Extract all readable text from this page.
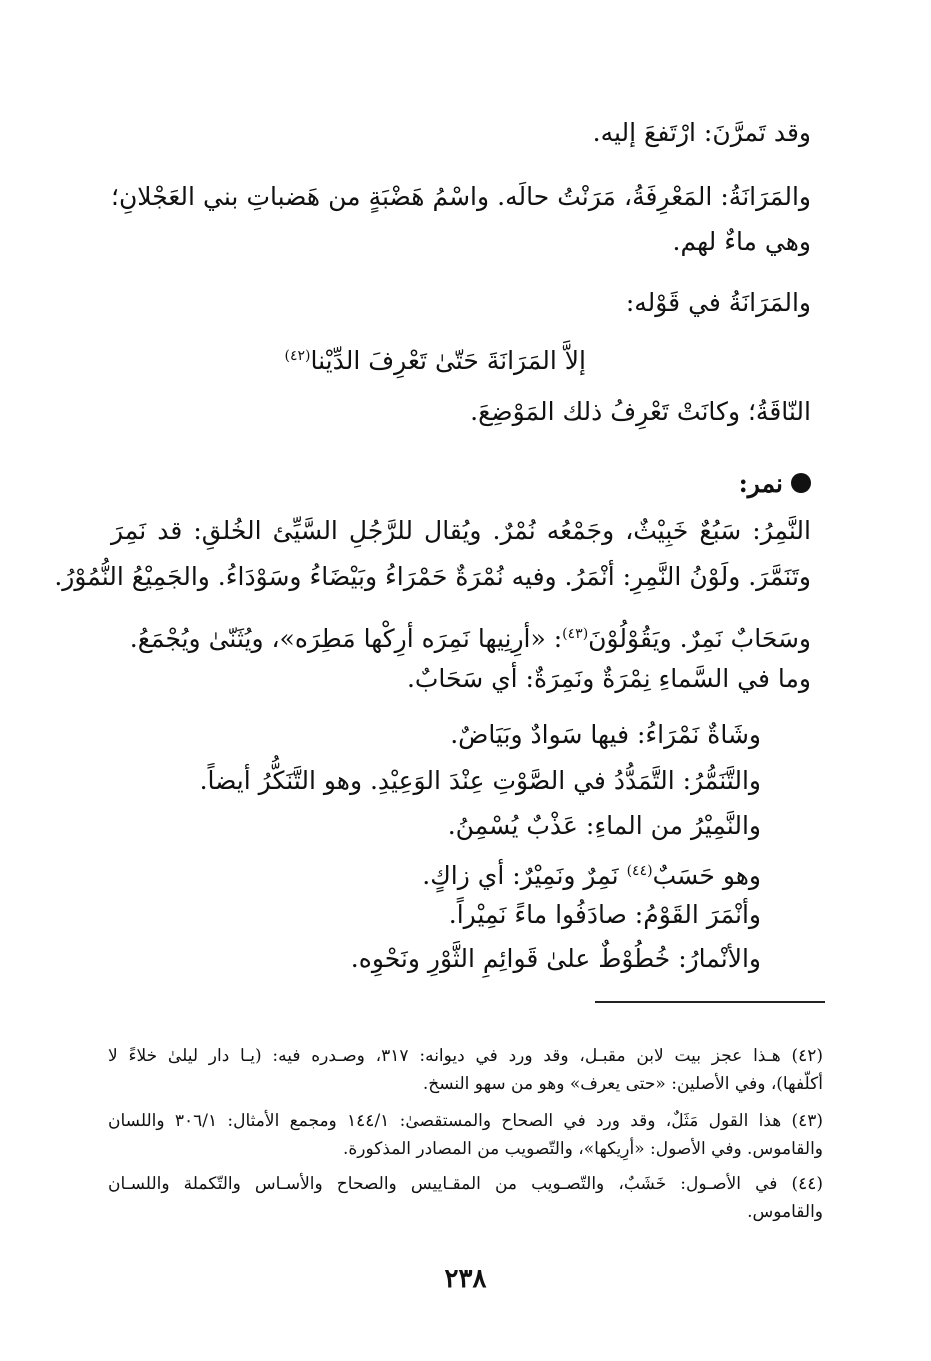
وقد تَمرَّنَ: ارْتَفعَ إليه.
والمَرَانَةُ: المَعْرِفَةُ، مَرَنْتُ حالَه. واسْمُ هَضْبَةٍ من هَضباتِ بني العَجْلانِ؛
وهي ماءٌ لهم.
والمَرَانَةُ في قَوْله:
إلاَّ المَرَانَةَ حَتّىٰ تَعْرِفَ الدِّيْنا$^{(٤٢)}$
النّاقَةُ؛ وكانَتْ تَعْرِفُ ذلك المَوْضِعَ.
نمر:
النَّمِرُ: سَبُعٌ خَبِيْثٌ، وجَمْعُه نُمْرٌ. ويُقال للرَّجُلِ السَّيِّئ الخُلقِ: قد نَمِرَ
وتَنَمَّرَ. ولَوْنُ النَّمِرِ: أنْمَرُ. وفيه نُمْرَةٌ حَمْرَاءُ وبَيْضَاءُ وسَوْدَاءُ. والجَمِيْعُ النُّمُوْرُ.
وسَحَابٌ نَمِرٌ. ويَقُوْلُوْنَ$^{(٤٣)}$: «أرِنِيها نَمِرَه أرِكْها مَطِرَه»، ويُثَنّىٰ ويُجْمَعُ.
وما في السَّماءِ نِمْرَةٌ ونَمِرَةٌ: أي سَحَابٌ.
وشَاةٌ نَمْرَاءُ: فيها سَوادٌ وبَيَاضٌ.
والتَّنَمُّرُ: التَّمَدُّدُ في الصَّوْتِ عِنْدَ الوَعِيْدِ. وهو التَّنَكُّرُ أيضاً.
والنَّمِيْرُ من الماءِ: عَذْبٌ يُسْمِنُ.
وهو حَسَبٌ$^{(٤٤)}$ نَمِرٌ ونَمِيْرٌ: أي زاكٍ.
وأنْمَرَ القَوْمُ: صادَفُوا ماءً نَمِيْراً.
والأنْمارُ: خُطُوْطٌ علىٰ قَوائِمِ الثَّوْرِ ونَحْوِه.
(٤٢) هـذا عجز بيت لابن مقبـل، وقد ورد في ديوانه: ٣١٧، وصـدره فيه: (يـا دار ليلىٰ خلاءً لا
أكلّفها)، وفي الأصلين: «حتى يعرف» وهو من سهو النسخ.
(٤٣) هذا القول مَثَلٌ، وقد ورد في الصحاح والمستقصىٰ: ١٤٤/١ ومجمع الأمثال: ٣٠٦/١ واللسان
والقاموس. وفي الأصول: «أرِيكها»، والتّصويب من المصادر المذكورة.
(٤٤) في الأصـول: خَشَبٌ، والتّصـويب من المقـاييس والصحاح والأسـاس والتّكملة واللسـان
والقاموس.
٢٣٨
